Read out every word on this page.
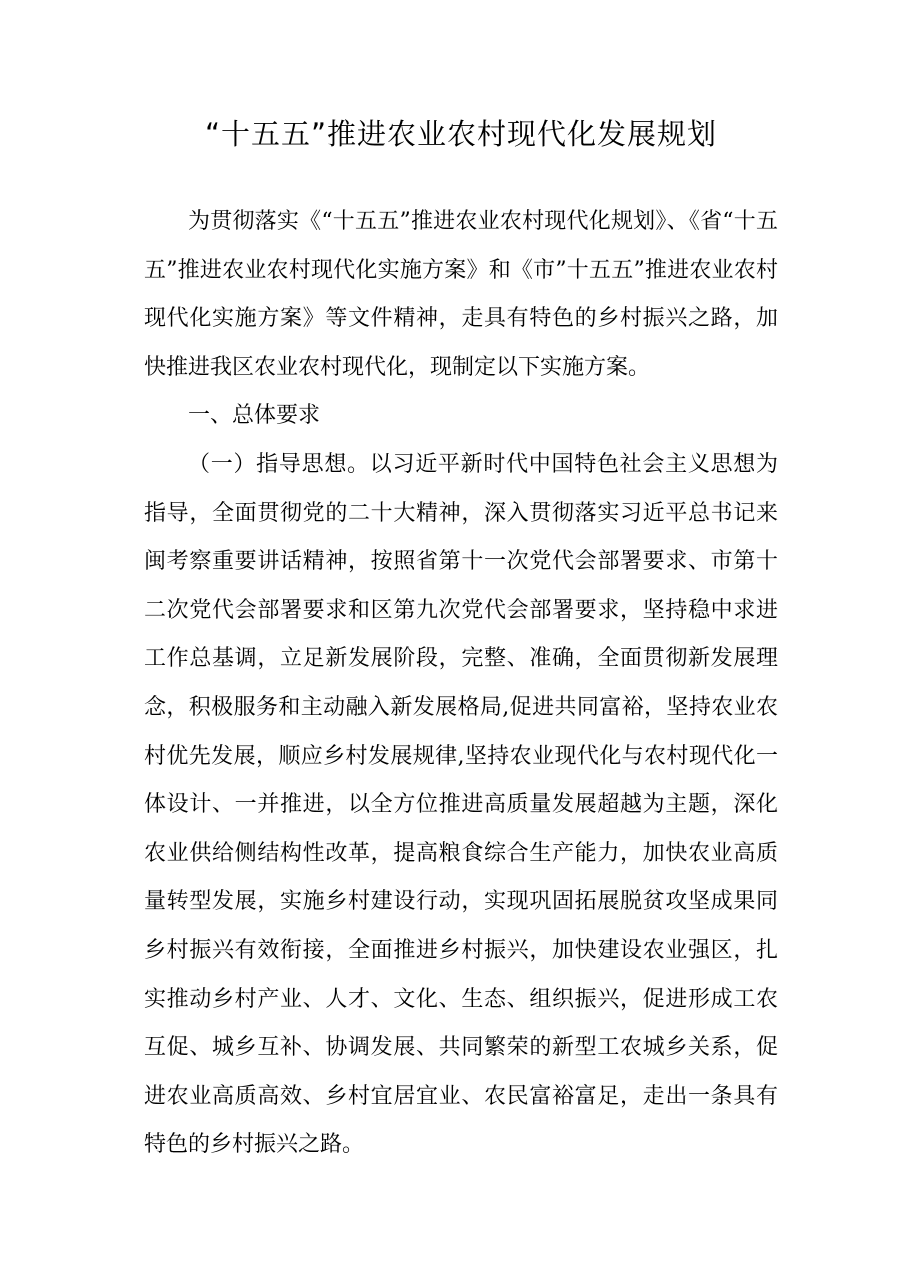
“十五五”推进农业农村现代化发展规划

为贯彻落实《“十五五”推进农业农村现代化规划》、《省“十五五”推进农业农村现代化实施方案》和《市”十五五”推进农业农村现代化实施方案》等文件精神，走具有特色的乡村振兴之路，加快推进我区农业农村现代化，现制定以下实施方案。

一、总体要求

（一）指导思想。以习近平新时代中国特色社会主义思想为指导，全面贯彻党的二十大精神，深入贯彻落实习近平总书记来闽考察重要讲话精神，按照省第十一次党代会部署要求、市第十二次党代会部署要求和区第九次党代会部署要求，坚持稳中求进工作总基调，立足新发展阶段，完整、准确，全面贯彻新发展理念，积极服务和主动融入新发展格局,促进共同富裕，坚持农业农村优先发展，顺应乡村发展规律,坚持农业现代化与农村现代化一体设计、一并推进，以全方位推进高质量发展超越为主题，深化农业供给侧结构性改革，提高粮食综合生产能力，加快农业高质量转型发展，实施乡村建设行动，实现巩固拓展脱贫攻坚成果同乡村振兴有效衔接，全面推进乡村振兴，加快建设农业强区，扎实推动乡村产业、人才、文化、生态、组织振兴，促进形成工农互促、城乡互补、协调发展、共同繁荣的新型工农城乡关系，促进农业高质高效、乡村宜居宜业、农民富裕富足，走出一条具有特色的乡村振兴之路。
